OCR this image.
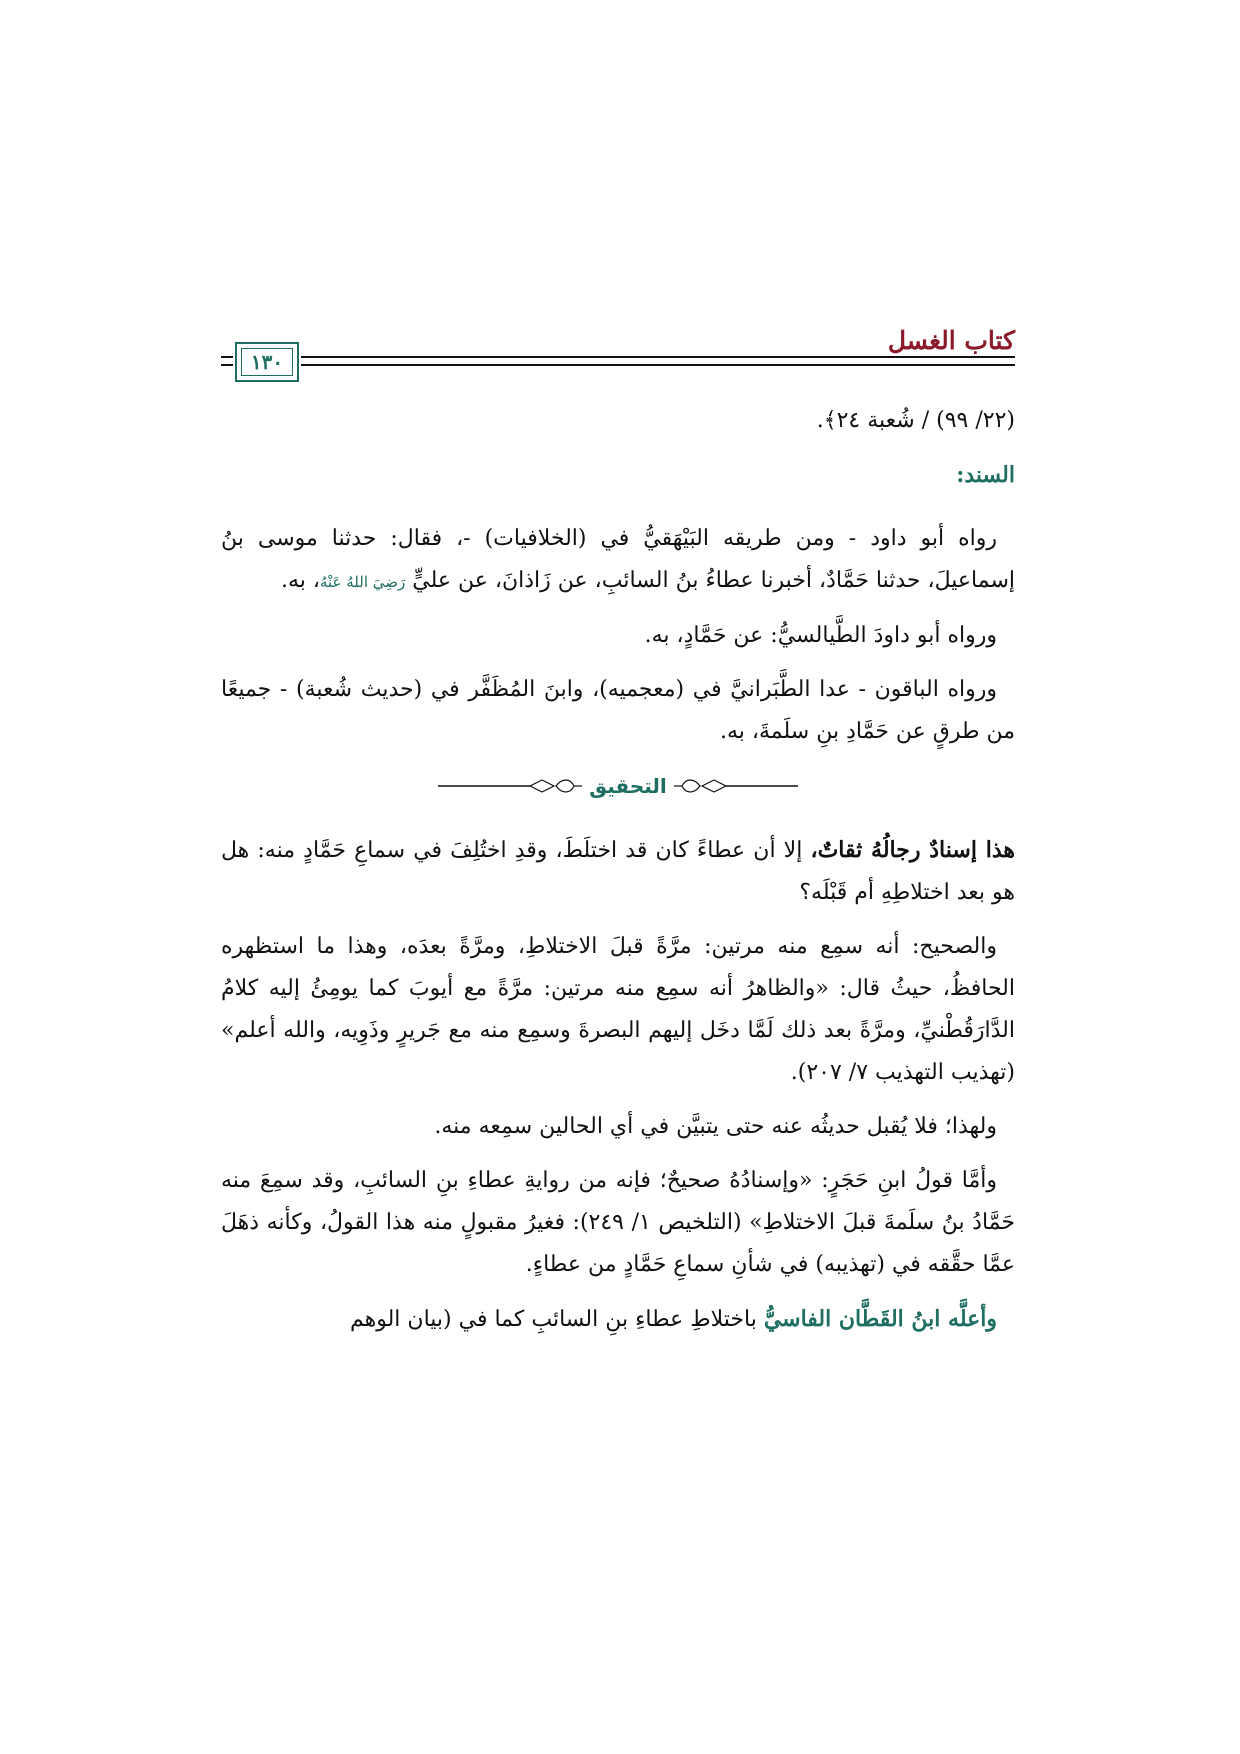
كتاب الغسل
١٣٠

(٢٢/ ٩٩) / شُعبة ٢٤﴾.

السند:

رواه أبو داود - ومن طريقه البَيْهَقيُّ في (الخلافيات) -، فقال: حدثنا موسى بنُ إسماعيلَ، حدثنا حَمَّادٌ، أخبرنا عطاءُ بنُ السائبِ، عن زَاذانَ، عن عليٍّ رَضِيَ اللهُ عَنْهُ، به.

ورواه أبو داودَ الطَّيالسيُّ: عن حَمَّادٍ، به.

ورواه الباقون - عدا الطَّبَرانيَّ في (معجميه)، وابنَ المُظَفَّر في (حديث شُعبة) - جميعًا من طرقٍ عن حَمَّادِ بنِ سلَمةَ، به.

التحقيق

هذا إسنادٌ رجالُهُ ثقاتٌ، إلا أن عطاءً كان قد اختلَطَ، وقدِ اختُلِفَ في سماعِ حَمَّادٍ منه: هل هو بعد اختلاطِهِ أم قَبْلَه؟

والصحيح: أنه سمِع منه مرتين: مرَّةً قبلَ الاختلاطِ، ومرَّةً بعدَه، وهذا ما استظهره الحافظُ، حيثُ قال: «والظاهرُ أنه سمِع منه مرتين: مرَّةً مع أيوبَ كما يومِئُ إليه كلامُ الدَّارَقُطْنيِّ، ومرَّةً بعد ذلك لَمَّا دخَل إليهم البصرةَ وسمِع منه مع جَريرٍ وذَوِيه، والله أعلم» (تهذيب التهذيب ٧/ ٢٠٧).

ولهذا؛ فلا يُقبل حديثُه عنه حتى يتبيَّن في أي الحالين سمِعه منه.

وأمَّا قولُ ابنِ حَجَرٍ: «وإسنادُهُ صحيحٌ؛ فإنه من روايةِ عطاءِ بنِ السائبِ، وقد سمِعَ منه حَمَّادُ بنُ سلَمةَ قبلَ الاختلاطِ» (التلخيص ١/ ٢٤٩): فغيرُ مقبولٍ منه هذا القولُ، وكأنه ذهَلَ عمَّا حقَّقه في (تهذيبه) في شأنِ سماعِ حَمَّادٍ من عطاءٍ.

وأعلَّه ابنُ القَطَّان الفاسيُّ باختلاطِ عطاءِ بنِ السائبِ كما في (بيان الوهم
